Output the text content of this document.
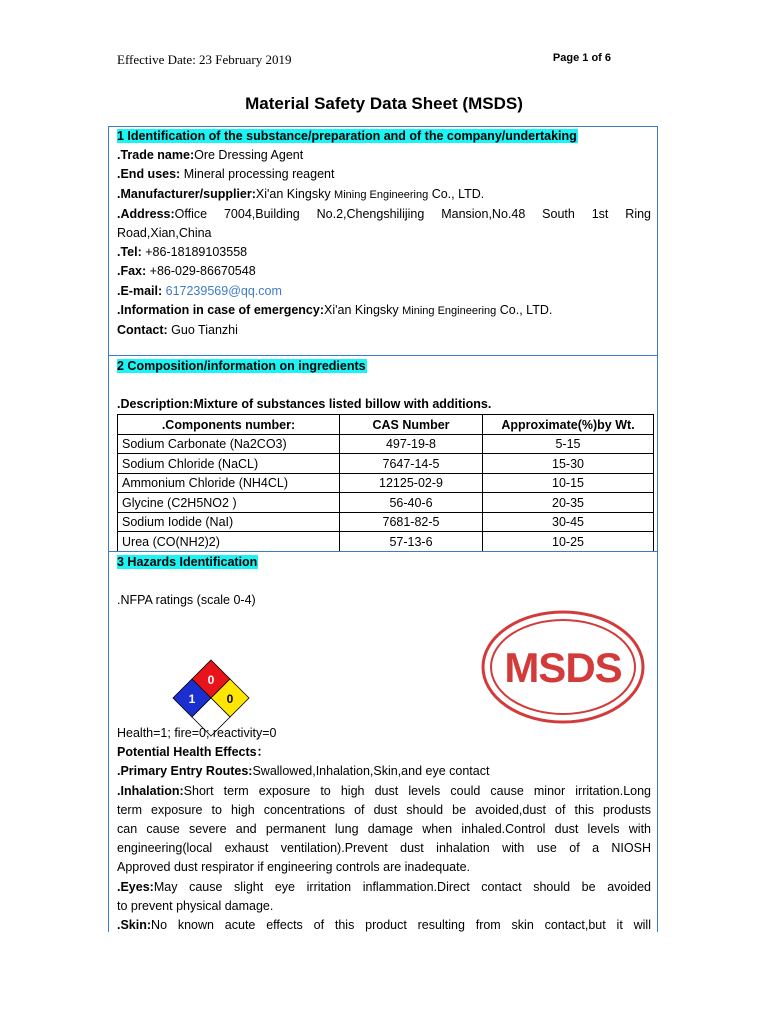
Effective Date: 23 February 2019	Page 1 of 6
Material Safety Data Sheet (MSDS)
1 Identification of the substance/preparation and of the company/undertaking
.Trade name:Ore Dressing Agent
.End uses: Mineral processing reagent
.Manufacturer/supplier:Xi'an Kingsky Mining Engineering Co., LTD.
.Address:Office 7004,Building No.2,Chengshilijing Mansion,No.48 South 1st Ring
Road,Xian,China
.Tel: +86-18189103558
.Fax: +86-029-86670548
.E-mail: 617239569@qq.com
.Information in case of emergency:Xi'an Kingsky Mining Engineering Co., LTD.
Contact: Guo Tianzhi
2 Composition/information on ingredients
.Description:Mixture of substances listed billow with additions.
.Components number:	CAS Number	Approximate(%)by Wt.
Sodium Carbonate (Na2CO3)	497-19-8	5-15
Sodium Chloride (NaCL)	7647-14-5	15-30
Ammonium Chloride (NH4CL)	12125-02-9	10-15
Glycine (C2H5NO2 )	56-40-6	20-35
Sodium Iodide (NaI)	7681-82-5	30-45
Urea (CO(NH2)2)	57-13-6	10-25
3 Hazards Identification
.NFPA ratings (scale 0-4)
0
1	0
MSDS
Health=1; fire=0; reactivity=0
Potential Health Effects：
.Primary Entry Routes:Swallowed,Inhalation,Skin,and eye contact
.Inhalation:Short term exposure to high dust levels could cause minor irritation.Long
term exposure to high concentrations of dust should be avoided,dust of this produsts
can cause severe and permanent lung damage when inhaled.Control dust levels with
engineering(local exhaust ventilation).Prevent dust inhalation with use of a NIOSH
Approved dust respirator if engineering controls are inadequate.
.Eyes:May cause slight eye irritation inflammation.Direct contact should be avoided
to prevent physical damage.
.Skin:No known acute effects of this product resulting from skin contact,but it will
